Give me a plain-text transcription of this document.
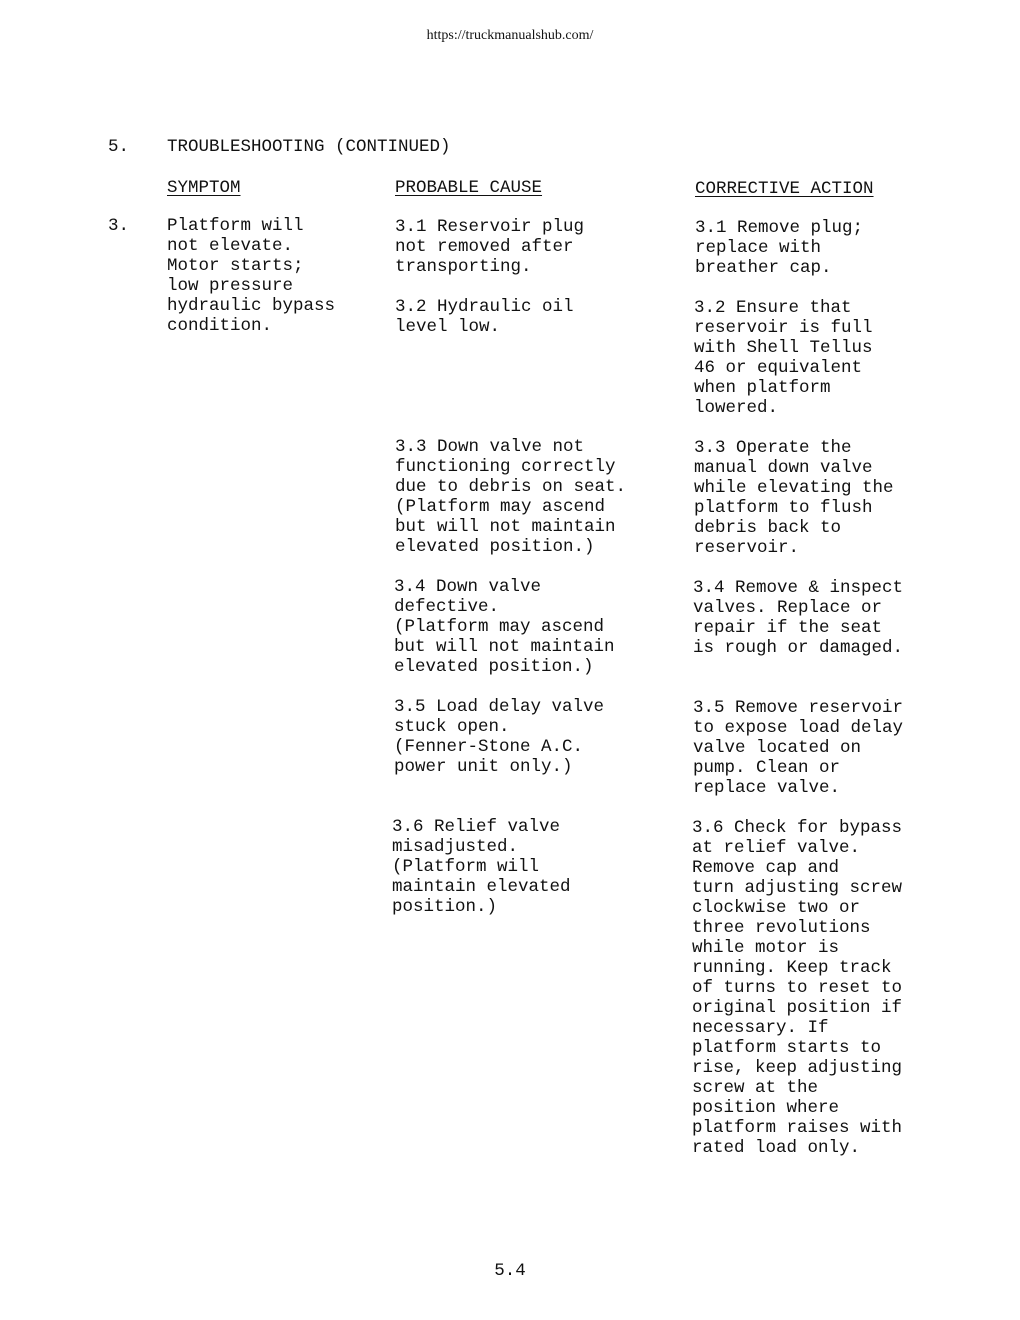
https://truckmanualshub.com/
5. TROUBLESHOOTING (CONTINUED)
SYMPTOM	PROBABLE CAUSE	CORRECTIVE ACTION
3. Platform will
not elevate.
Motor starts;
low pressure
hydraulic bypass
condition.
3.1 Reservoir plug
not removed after
transporting.
3.1 Remove plug;
replace with
breather cap.
3.2 Hydraulic oil
level low.
3.2 Ensure that
reservoir is full
with Shell Tellus
46 or equivalent
when platform
lowered.
3.3 Down valve not
functioning correctly
due to debris on seat.
(Platform may ascend
but will not maintain
elevated position.)
3.3 Operate the
manual down valve
while elevating the
platform to flush
debris back to
reservoir.
3.4 Down valve
defective.
(Platform may ascend
but will not maintain
elevated position.)
3.4 Remove & inspect
valves. Replace or
repair if the seat
is rough or damaged.
3.5 Load delay valve
stuck open.
(Fenner-Stone A.C.
power unit only.)
3.5 Remove reservoir
to expose load delay
valve located on
pump. Clean or
replace valve.
3.6 Relief valve
misadjusted.
(Platform will
maintain elevated
position.)
3.6 Check for bypass
at relief valve.
Remove cap and
turn adjusting screw
clockwise two or
three revolutions
while motor is
running. Keep track
of turns to reset to
original position if
necessary. If
platform starts to
rise, keep adjusting
screw at the
position where
platform raises with
rated load only.
5.4
